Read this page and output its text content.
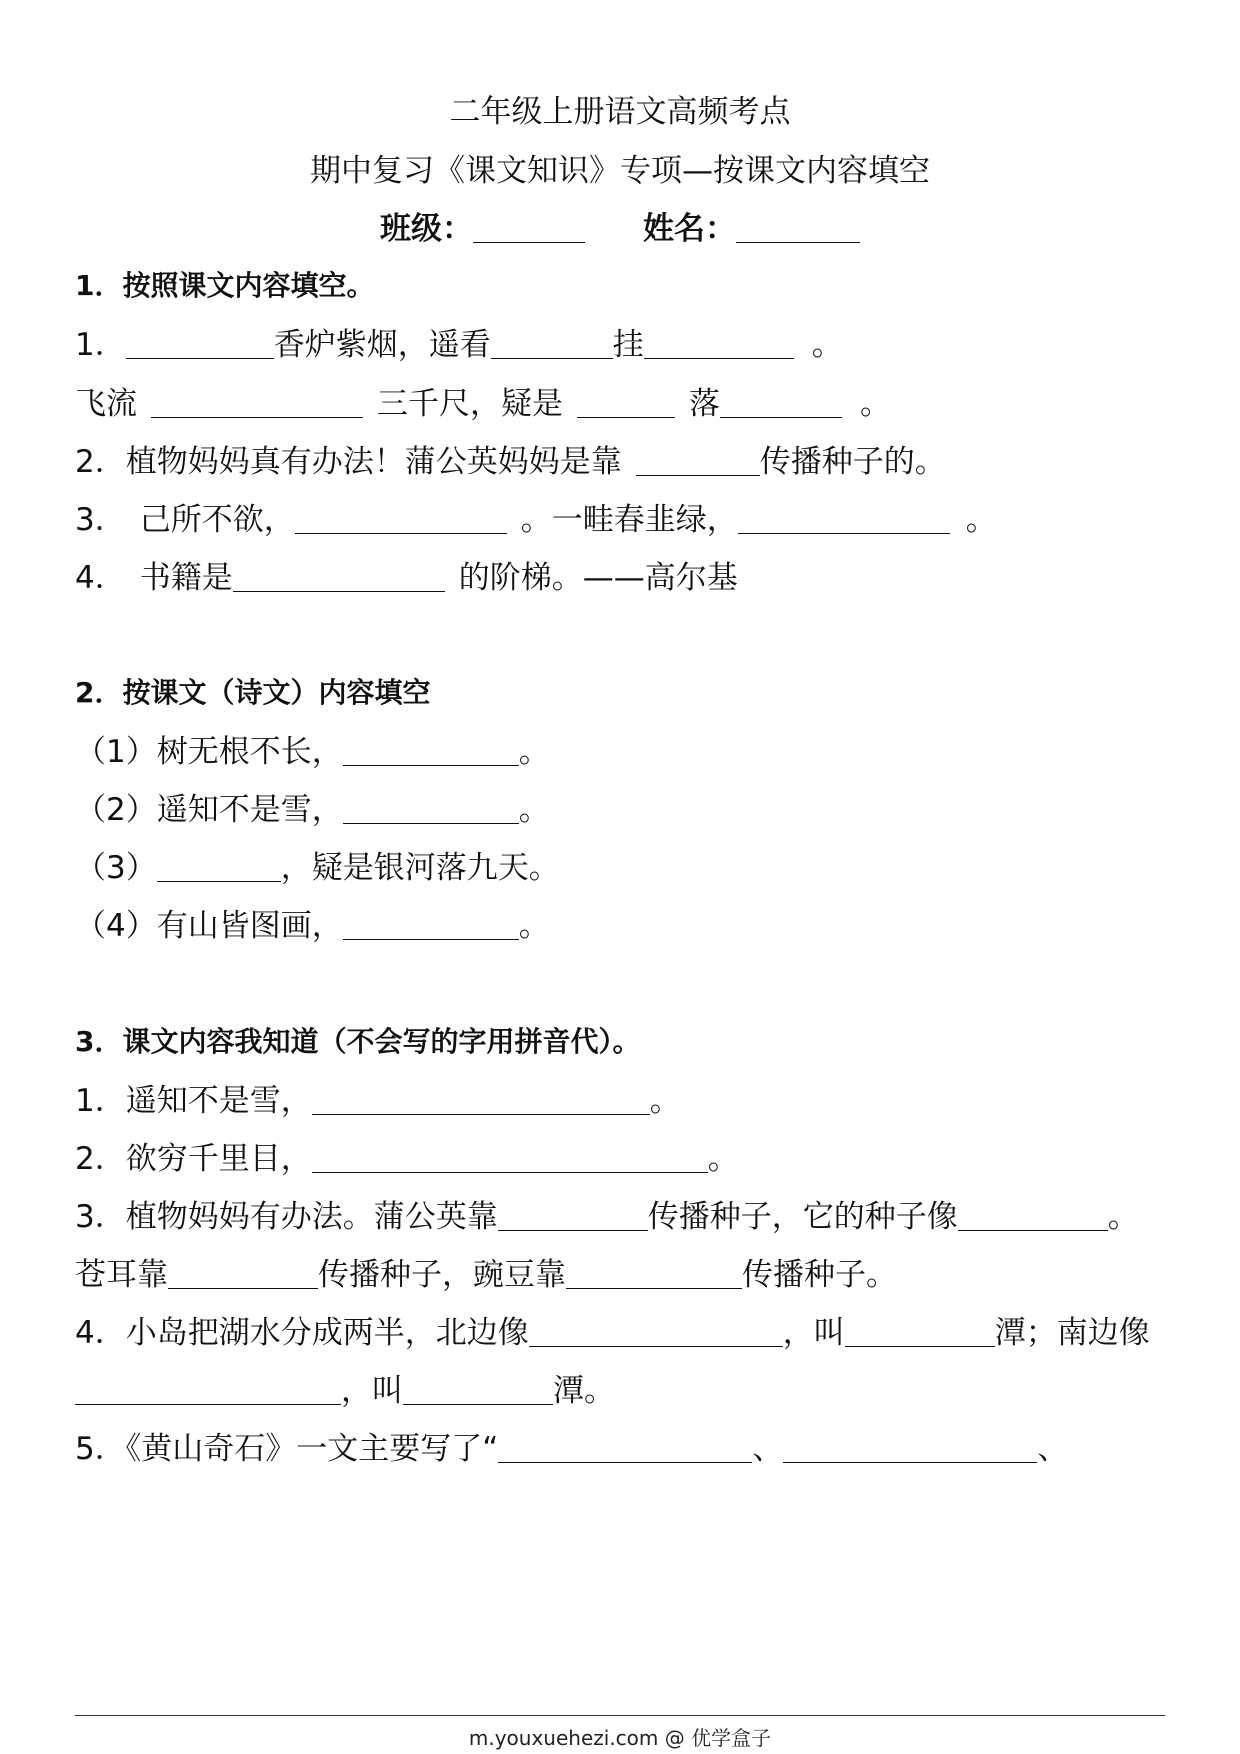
二年级上册语文高频考点
期中复习《课文知识》专项—按课文内容填空
班级：	姓名：
1．按照课文内容填空。
1．	香炉紫烟，遥看	挂	。
飞流	三千尺，疑是	落	。
2．植物妈妈真有办法！蒲公英妈妈是靠	传播种子的。
3． 己所不欲，	。一畦春韭绿，	。
4． 书籍是	的阶梯。——高尔基
2．按课文（诗文）内容填空
（1）树无根不长，	。
（2）遥知不是雪，	。
（3）	，疑是银河落九天。
（4）有山皆图画，	。
3．课文内容我知道（不会写的字用拼音代）。
1．遥知不是雪，	。
2．欲穷千里目，	。
3．植物妈妈有办法。蒲公英靠	传播种子，它的种子像	。
苍耳靠	传播种子，豌豆靠	传播种子。
4．小岛把湖水分成两半，北边像	，叫	潭；南边像
，叫	潭。
5．《黄山奇石》一文主要写了“	、	、
m.youxuehezi.com @ 优学盒子
